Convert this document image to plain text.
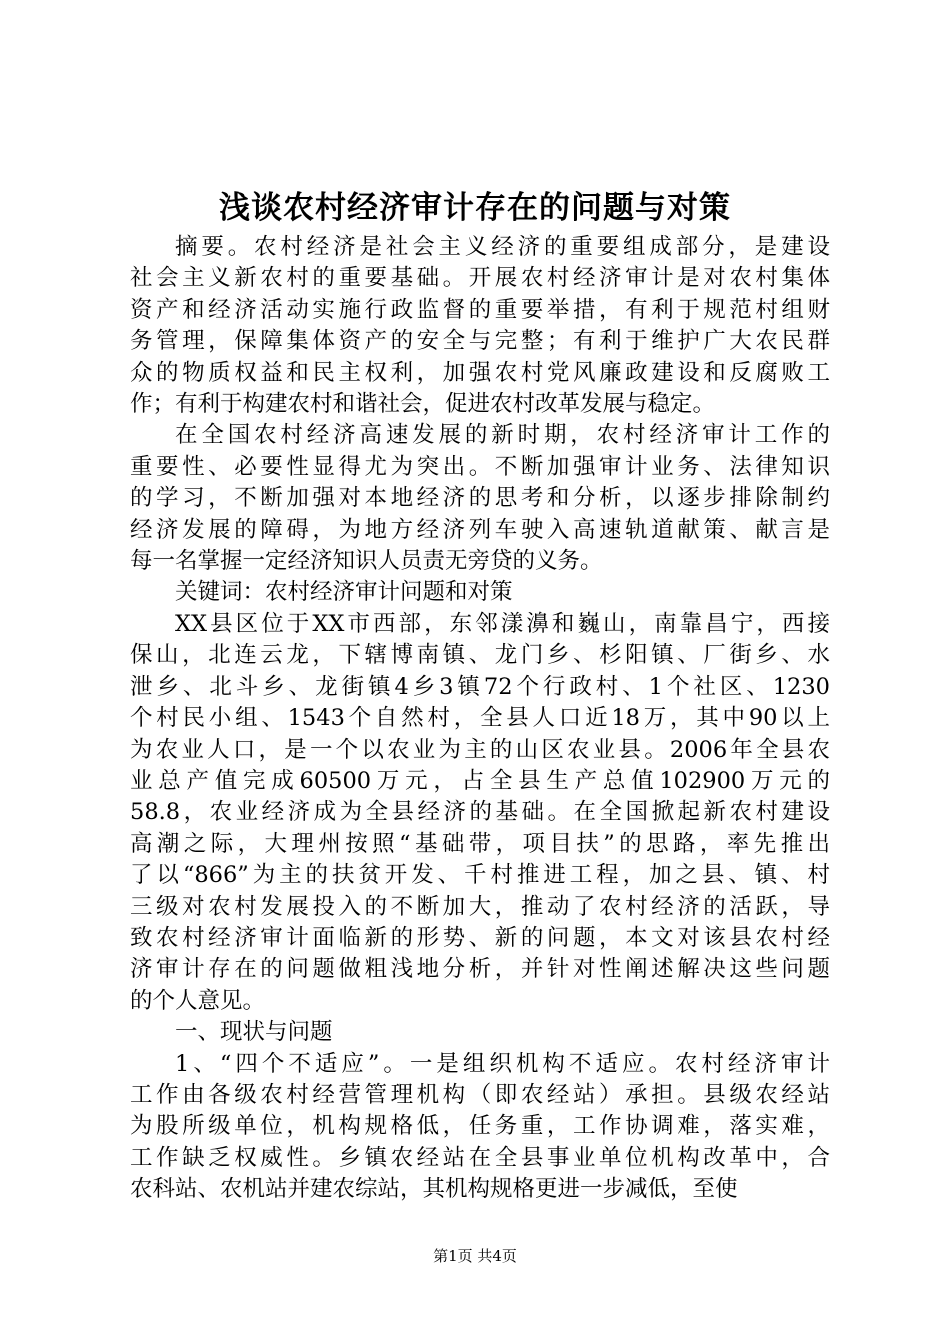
浅谈农村经济审计存在的问题与对策
摘要。农村经济是社会主义经济的重要组成部分，是建设
社会主义新农村的重要基础。开展农村经济审计是对农村集体
资产和经济活动实施行政监督的重要举措，有利于规范村组财
务管理，保障集体资产的安全与完整；有利于维护广大农民群
众的物质权益和民主权利，加强农村党风廉政建设和反腐败工
作；有利于构建农村和谐社会，促进农村改革发展与稳定。
在全国农村经济高速发展的新时期，农村经济审计工作的
重要性、必要性显得尤为突出。不断加强审计业务、法律知识
的学习，不断加强对本地经济的思考和分析，以逐步排除制约
经济发展的障碍，为地方经济列车驶入高速轨道献策、献言是
每一名掌握一定经济知识人员责无旁贷的义务。
关键词：农村经济审计问题和对策
XX县区位于XX市西部，东邻漾濞和巍山，南靠昌宁，西接
保山，北连云龙，下辖博南镇、龙门乡、杉阳镇、厂街乡、水
泄乡、北斗乡、龙街镇4乡3镇72个行政村、1个社区、1230
个村民小组、1543个自然村，全县人口近18万，其中90以上
为农业人口，是一个以农业为主的山区农业县。2006年全县农
业总产值完成60500万元，占全县生产总值102900万元的
58.8，农业经济成为全县经济的基础。在全国掀起新农村建设
高潮之际，大理州按照“基础带，项目扶”的思路，率先推出
了以“866”为主的扶贫开发、千村推进工程，加之县、镇、村
三级对农村发展投入的不断加大，推动了农村经济的活跃，导
致农村经济审计面临新的形势、新的问题，本文对该县农村经
济审计存在的问题做粗浅地分析，并针对性阐述解决这些问题
的个人意见。
一、现状与问题
1、“四个不适应”。一是组织机构不适应。农村经济审计
工作由各级农村经营管理机构（即农经站）承担。县级农经站
为股所级单位，机构规格低，任务重，工作协调难，落实难，
工作缺乏权威性。乡镇农经站在全县事业单位机构改革中，合
农科站、农机站并建农综站，其机构规格更进一步减低，至使
第1页 共4页
